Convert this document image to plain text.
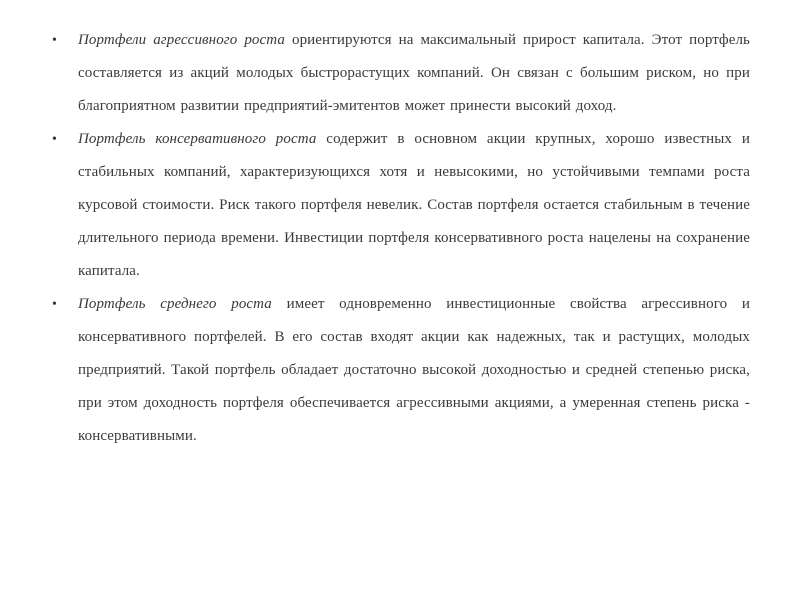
• Портфели агрессивного роста ориентируются на максимальный прирост капитала. Этот портфель составляется из акций молодых быстрорастущих компаний. Он связан с большим риском, но при благоприятном развитии предприятий-эмитентов может принести высокий доход.
• Портфель консервативного роста содержит в основном акции крупных, хорошо известных и стабильных компаний, характеризующихся хотя и невысокими, но устойчивыми темпами роста курсовой стоимости. Риск такого портфеля невелик. Состав портфеля остается стабильным в течение длительного периода времени. Инвестиции портфеля консервативного роста нацелены на сохранение капитала.
• Портфель среднего роста имеет одновременно инвестиционные свойства агрессивного и консервативного портфелей. В его состав входят акции как надежных, так и растущих, молодых предприятий. Такой портфель обладает достаточно высокой доходностью и средней степенью риска, при этом доходность портфеля обеспечивается агрессивными акциями, а умеренная степень риска - консервативными.
